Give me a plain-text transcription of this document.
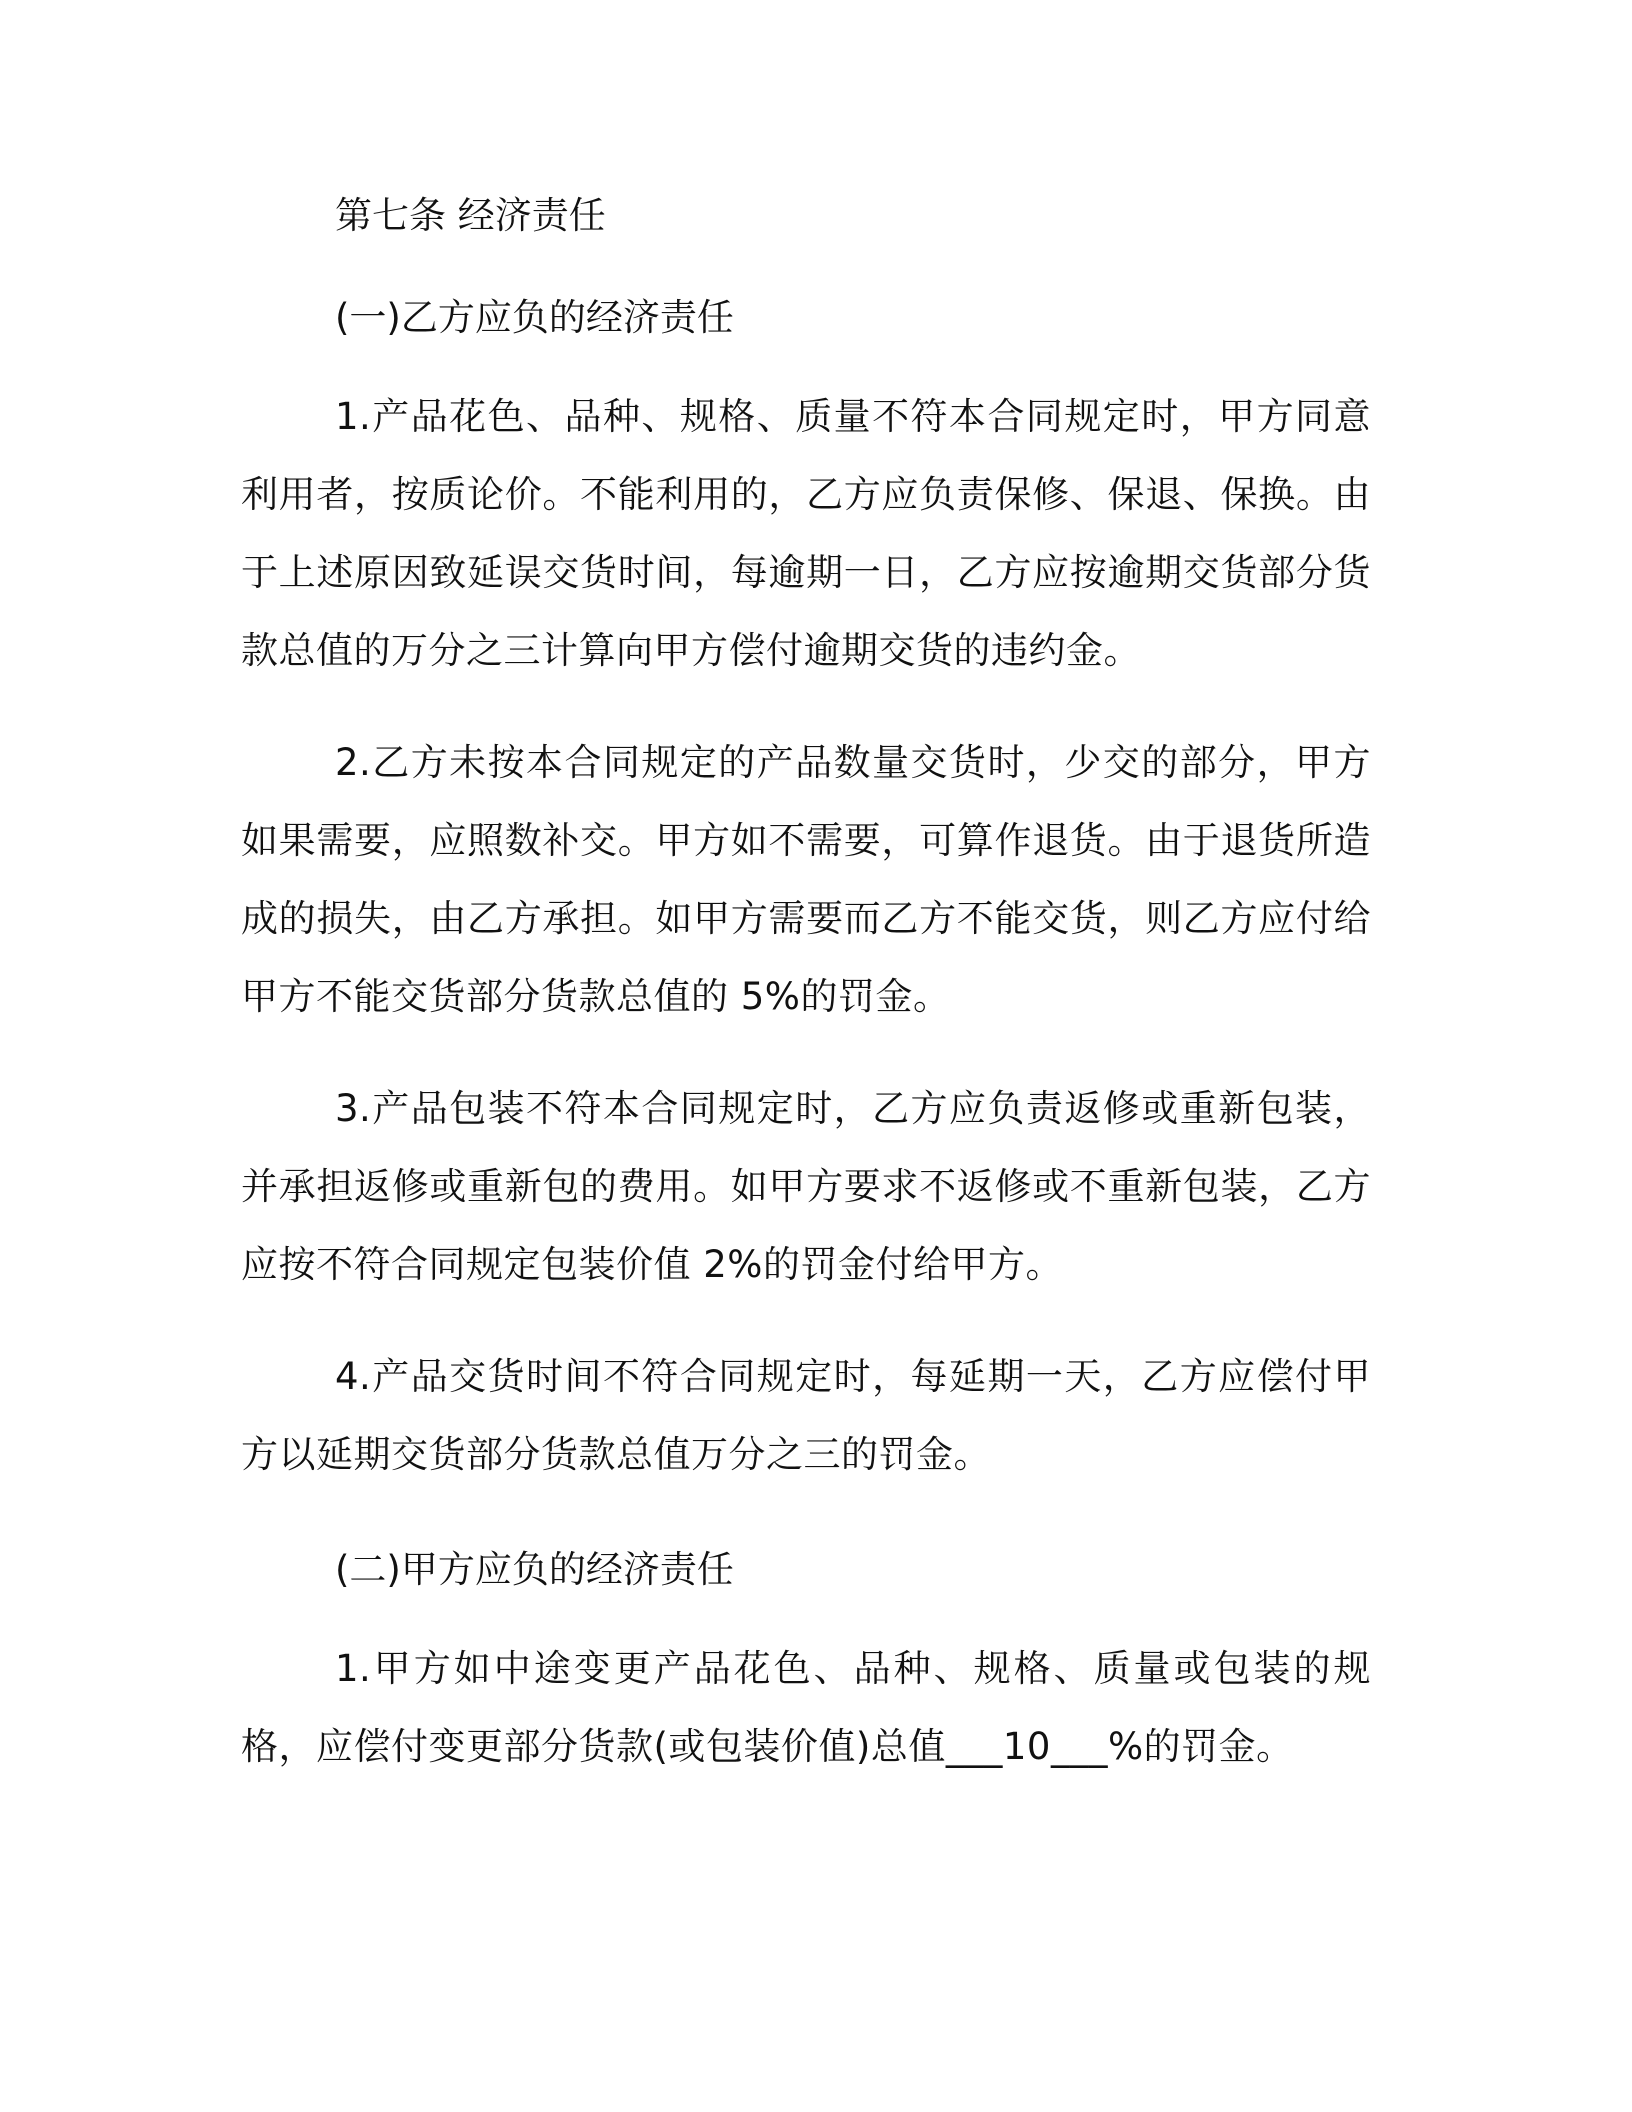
第七条 经济责任

(一)乙方应负的经济责任

1.产品花色、品种、规格、质量不符本合同规定时，甲方同意利用者，按质论价。不能利用的，乙方应负责保修、保退、保换。由于上述原因致延误交货时间，每逾期一日，乙方应按逾期交货部分货款总值的万分之三计算向甲方偿付逾期交货的违约金。

2.乙方未按本合同规定的产品数量交货时，少交的部分，甲方如果需要，应照数补交。甲方如不需要，可算作退货。由于退货所造成的损失，由乙方承担。如甲方需要而乙方不能交货，则乙方应付给甲方不能交货部分货款总值的 5%的罚金。

3.产品包装不符本合同规定时，乙方应负责返修或重新包装，并承担返修或重新包的费用。如甲方要求不返修或不重新包装，乙方应按不符合同规定包装价值 2%的罚金付给甲方。

4.产品交货时间不符合同规定时，每延期一天，乙方应偿付甲方以延期交货部分货款总值万分之三的罚金。

(二)甲方应负的经济责任

1.甲方如中途变更产品花色、品种、规格、质量或包装的规格，应偿付变更部分货款(或包装价值)总值___10___%的罚金。
